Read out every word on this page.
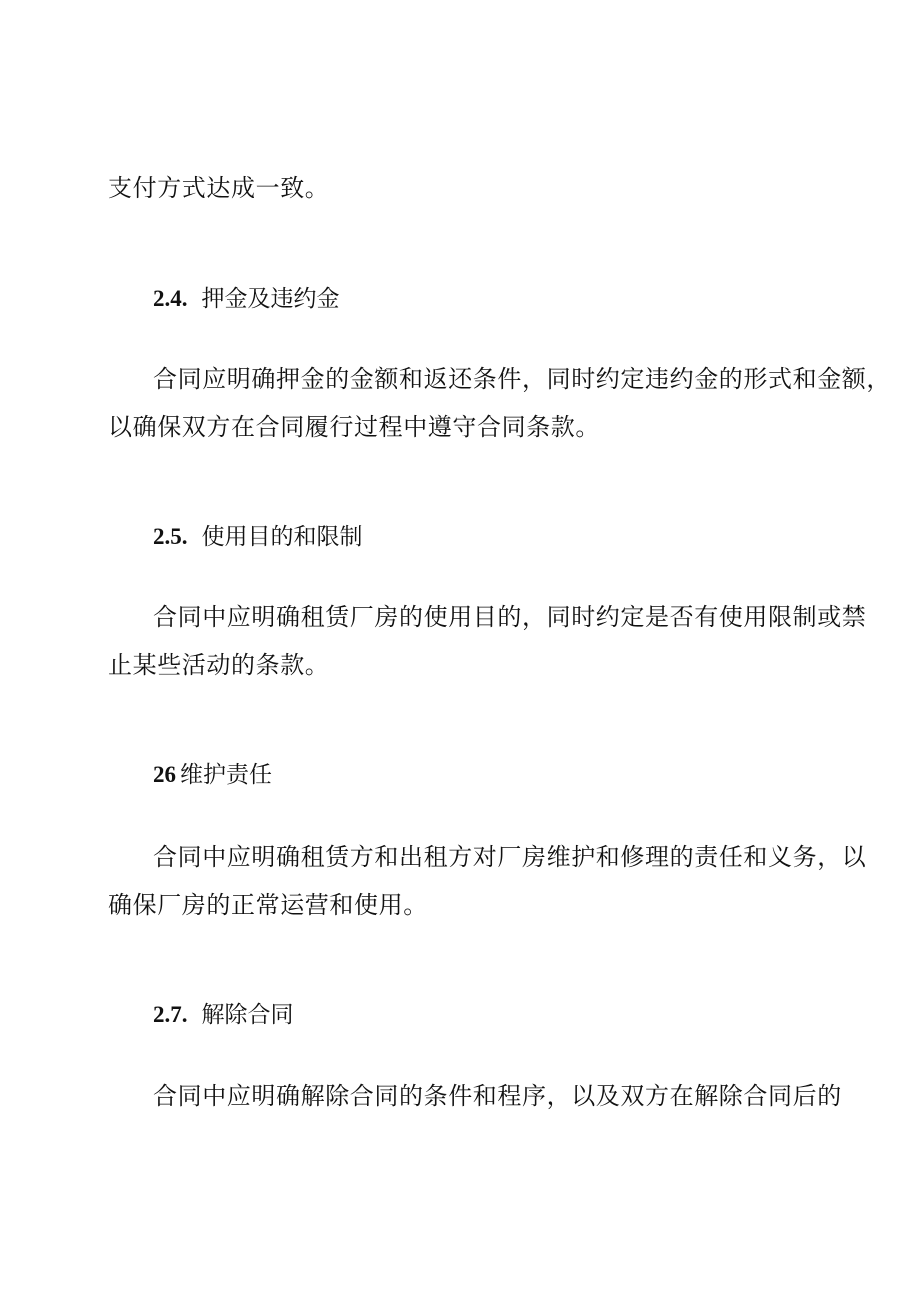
支付方式达成一致。
2.4. 押金及违约金
合同应明确押金的金额和返还条件，同时约定违约金的形式和金额，
以确保双方在合同履行过程中遵守合同条款。
2.5. 使用目的和限制
合同中应明确租赁厂房的使用目的，同时约定是否有使用限制或禁
止某些活动的条款。
26 维护责任
合同中应明确租赁方和出租方对厂房维护和修理的责任和义务，以
确保厂房的正常运营和使用。
2.7. 解除合同
合同中应明确解除合同的条件和程序，以及双方在解除合同后的
